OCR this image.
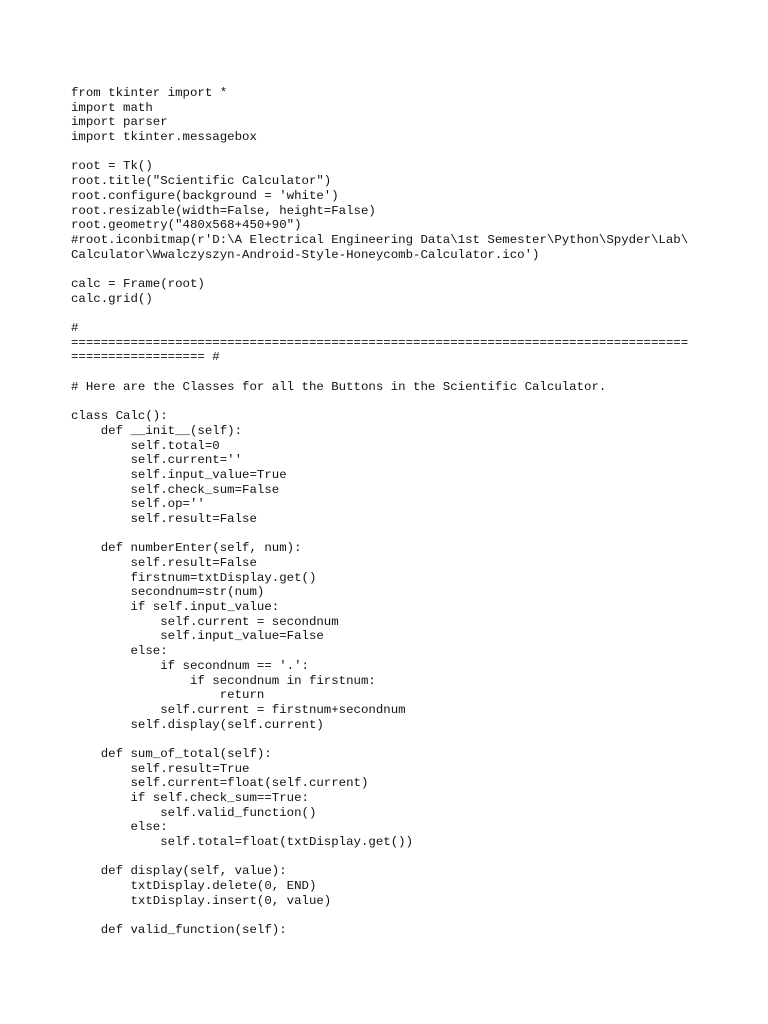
from tkinter import *
import math
import parser
import tkinter.messagebox
root = Tk()
root.title("Scientific Calculator")
root.configure(background = 'white')
root.resizable(width=False, height=False)
root.geometry("480x568+450+90")
#root.iconbitmap(r'D:\A Electrical Engineering Data\1st Semester\Python\Spyder\Lab\
Calculator\Wwalczyszyn-Android-Style-Honeycomb-Calculator.ico')
calc = Frame(root)
calc.grid()
#
===================================================================================
================== #
# Here are the Classes for all the Buttons in the Scientific Calculator.
class Calc():
def __init__(self):
self.total=0
self.current=''
self.input_value=True
self.check_sum=False
self.op=''
self.result=False
def numberEnter(self, num):
self.result=False
firstnum=txtDisplay.get()
secondnum=str(num)
if self.input_value:
self.current = secondnum
self.input_value=False
else:
if secondnum == '.':
if secondnum in firstnum:
return
self.current = firstnum+secondnum
self.display(self.current)
def sum_of_total(self):
self.result=True
self.current=float(self.current)
if self.check_sum==True:
self.valid_function()
else:
self.total=float(txtDisplay.get())
def display(self, value):
txtDisplay.delete(0, END)
txtDisplay.insert(0, value)
def valid_function(self):
